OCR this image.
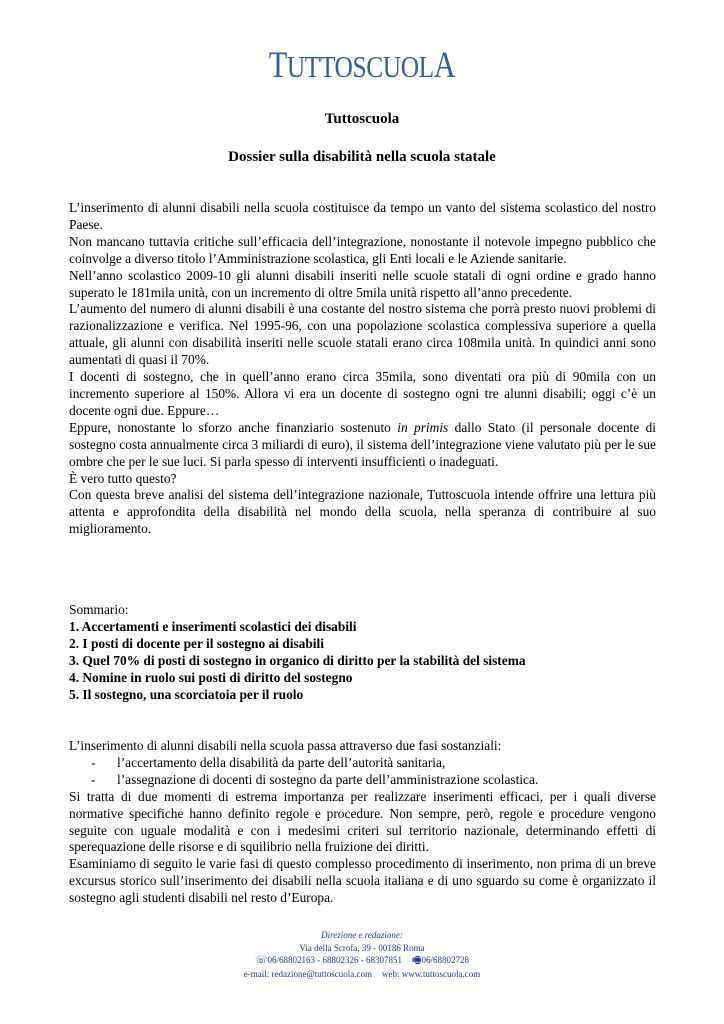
TUTTOSCUOLA
Tuttoscuola
Dossier sulla disabilità nella scuola statale

L’inserimento di alunni disabili nella scuola costituisce da tempo un vanto del sistema scolastico del nostro Paese.

Non mancano tuttavia critiche sull’efficacia dell’integrazione, nonostante il notevole impegno pubblico che coinvolge a diverso titolo l’Amministrazione scolastica, gli Enti locali e le Aziende sanitarie.

Nell’anno scolastico 2009-10 gli alunni disabili inseriti nelle scuole statali di ogni ordine e grado hanno superato le 181mila unità, con un incremento di oltre 5mila unità rispetto all’anno precedente.

L’aumento del numero di alunni disabili è una costante del nostro sistema che porrà presto nuovi problemi di razionalizzazione e verifica. Nel 1995-96, con una popolazione scolastica complessiva superiore a quella attuale, gli alunni con disabilità inseriti nelle scuole statali erano circa 108mila unità. In quindici anni sono aumentati di quasi il 70%.

I docenti di sostegno, che in quell’anno erano circa 35mila, sono diventati ora più di 90mila con un incremento superiore al 150%. Allora vi era un docente di sostegno ogni tre alunni disabili; oggi c’è un docente ogni due. Eppure…

Eppure, nonostante lo sforzo anche finanziario sostenuto in primis dallo Stato (il personale docente di sostegno costa annualmente circa 3 miliardi di euro), il sistema dell’integrazione viene valutato più per le sue ombre che per le sue luci. Si parla spesso di interventi insufficienti o inadeguati.

È vero tutto questo?

Con questa breve analisi del sistema dell’integrazione nazionale, Tuttoscuola intende offrire una lettura più attenta e approfondita della disabilità nel mondo della scuola, nella speranza di contribuire al suo miglioramento.

Sommario:

1. Accertamenti e inserimenti scolastici dei disabili

2. I posti di docente per il sostegno ai disabili

3. Quel 70% di posti di sostegno in organico di diritto per la stabilità del sistema

4. Nomine in ruolo sui posti di diritto del sostegno

5. Il sostegno, una scorciatoia per il ruolo

L’inserimento di alunni disabili nella scuola passa attraverso due fasi sostanziali:

-	l’accertamento della disabilità da parte dell’autorità sanitaria,
-	l’assegnazione di docenti di sostegno da parte dell’amministrazione scolastica.

Si tratta di due momenti di estrema importanza per realizzare inserimenti efficaci, per i quali diverse normative specifiche hanno definito regole e procedure. Non sempre, però, regole e procedure vengono seguite con uguale modalità e con i medesimi criteri sul territorio nazionale, determinando effetti di sperequazione delle risorse e di squilibrio nella fruizione dei diritti.

Esaminiamo di seguito le varie fasi di questo complesso procedimento di inserimento, non prima di un breve excursus storico sull’inserimento dei disabili nella scuola italiana e di uno sguardo su come è organizzato il sostegno agli studenti disabili nel resto d’Europa.

Direzione e redazione:
Via della Scrofa, 39 - 00186 Roma
☏06/68802163 - 68802326 - 68307851 🖷06/68802728
e-mail: redazione@tuttoscuola.com web: www.tuttoscuola.com
